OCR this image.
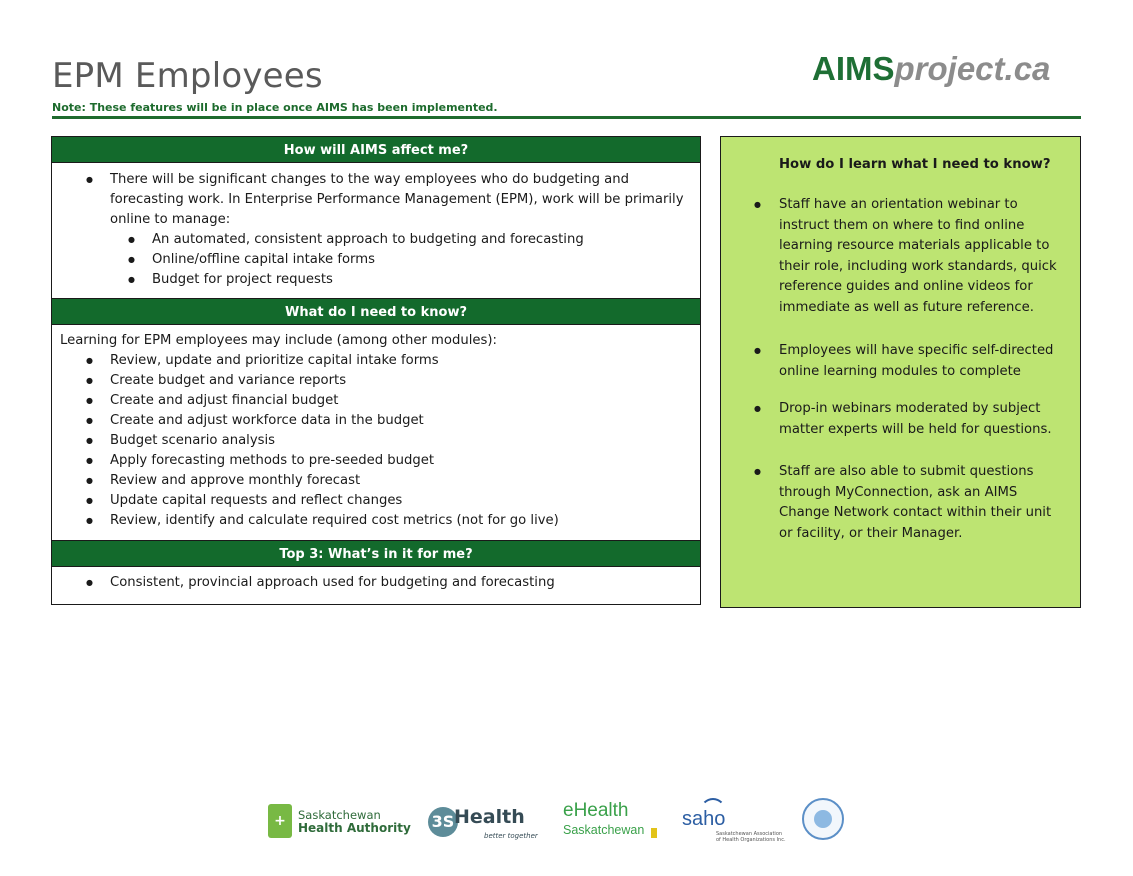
EPM Employees
Note: These features will be in place once AIMS has been implemented.
AIMSproject.ca
How will AIMS affect me?
● There will be significant changes to the way employees who do budgeting and forecasting work. In Enterprise Performance Management (EPM), work will be primarily online to manage:
● An automated, consistent approach to budgeting and forecasting
● Online/offline capital intake forms
● Budget for project requests
What do I need to know?
Learning for EPM employees may include (among other modules):
● Review, update and prioritize capital intake forms
● Create budget and variance reports
● Create and adjust financial budget
● Create and adjust workforce data in the budget
● Budget scenario analysis
● Apply forecasting methods to pre-seeded budget
● Review and approve monthly forecast
● Update capital requests and reflect changes
● Review, identify and calculate required cost metrics (not for go live)
Top 3: What’s in it for me?
● Consistent, provincial approach used for budgeting and forecasting
How do I learn what I need to know?
● Staff have an orientation webinar to instruct them on where to find online learning resource materials applicable to their role, including work standards, quick reference guides and online videos for immediate as well as future reference.
● Employees will have specific self-directed online learning modules to complete
● Drop-in webinars moderated by subject matter experts will be held for questions.
● Staff are also able to submit questions through MyConnection, ask an AIMS Change Network contact within their unit or facility, or their Manager.
+ Saskatchewan
Health Authority 3S Health
better together
eHealth
Saskatchewan saho
Saskatchewan Association of Health Organizations Inc.
